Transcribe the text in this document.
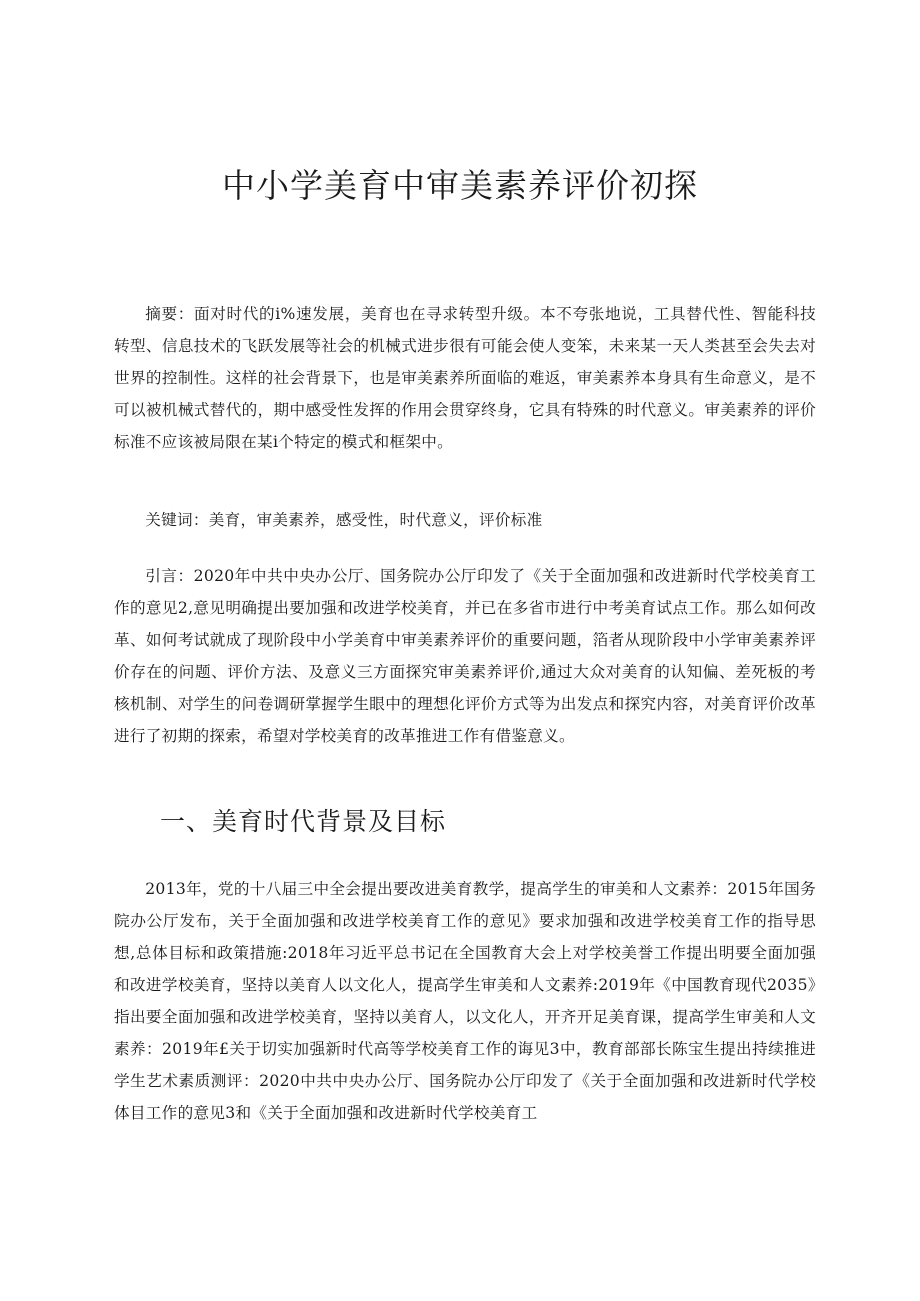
中小学美育中审美素养评价初探

摘要：面对时代的i%速发展，美育也在寻求转型升级。本不夸张地说，工具替代性、智能科技转型、信息技术的飞跃发展等社会的机械式进步很有可能会使人变笨，未来某一天人类甚至会失去对世界的控制性。这样的社会背景下，也是审美素养所面临的难返，审美素养本身具有生命意义，是不可以被机械式替代的，期中感受性发挥的作用会贯穿终身，它具有特殊的时代意义。审美素养的评价标准不应该被局限在某i个特定的模式和框架中。

关键词：美育，审美素养，感受性，时代意义，评价标准

引言：2020年中共中央办公厅、国务院办公厅印发了《关于全面加强和改进新时代学校美育工作的意见2,意见明确提出要加强和改进学校美育，并已在多省市进行中考美育试点工作。那么如何改革、如何考试就成了现阶段中小学美育中审美素养评价的重要问题，箔者从现阶段中小学审美素养评价存在的问题、评价方法、及意义三方面探究审美素养评价,通过大众对美育的认知偏、差死板的考核机制、对学生的问卷调研掌握学生眼中的理想化评价方式等为出发点和探究内容，对美育评价改革进行了初期的探索，希望对学校美育的改革推进工作有借鉴意义。

一、美育时代背景及目标

2013年，党的十八届三中全会提出要改进美育教学，提高学生的审美和人文素养：2015年国务院办公厅发布，关于全面加强和改进学校美育工作的意见》要求加强和改进学校美育工作的指导思想,总体目标和政策措施:2018年习近平总书记在全国教育大会上对学校美誉工作提出明要全面加强和改进学校美育，坚持以美育人以文化人，提高学生审美和人文素养:2019年《中国教育现代2035》指出要全面加强和改进学校美育，坚持以美育人，以文化人，开齐开足美育课，提高学生审美和人文素养：2019年£关于切实加强新时代高等学校美育工作的诲见3中，教育部部长陈宝生提出持续推进学生艺术素质测评：2020中共中央办公厅、国务院办公厅印发了《关于全面加强和改进新时代学校体目工作的意见3和《关于全面加强和改进新时代学校美育工
